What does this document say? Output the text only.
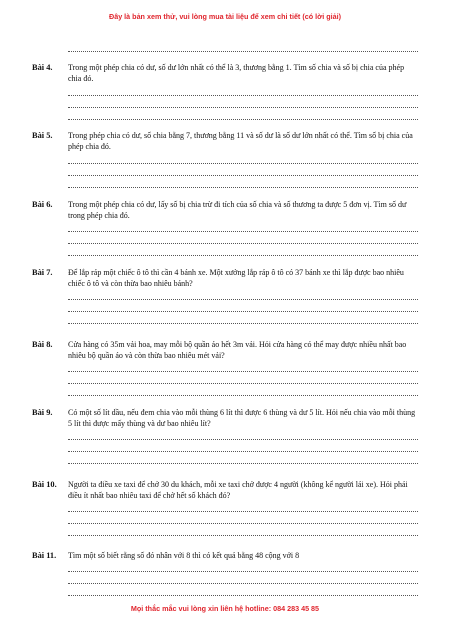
Đây là bản xem thử, vui lòng mua tài liệu để xem chi tiết (có lời giải)
Bài 4. Trong một phép chia có dư, số dư lớn nhất có thể là 3, thương bằng 1. Tìm số chia và số bị chia của phép chia đó.
Bài 5. Trong phép chia có dư, số chia bằng 7, thương bằng 11 và số dư là số dư lớn nhất có thể. Tìm số bị chia của phép chia đó.
Bài 6. Trong một phép chia có dư, lấy số bị chia trừ đi tích của số chia và số thương ta được 5 đơn vị. Tìm số dư trong phép chia đó.
Bài 7. Để lắp ráp một chiếc ô tô thì cần 4 bánh xe. Một xưởng lắp ráp ô tô có 37 bánh xe thì lắp được bao nhiêu chiếc ô tô và còn thừa bao nhiêu bánh?
Bài 8. Cửa hàng có 35m vải hoa, may mỗi bộ quần áo hết 3m vải. Hỏi cửa hàng có thể may được nhiều nhất bao nhiêu bộ quần áo và còn thừa bao nhiêu mét vải?
Bài 9. Có một số lít dầu, nếu đem chia vào mỗi thùng 6 lít thì được 6 thùng và dư 5 lít. Hỏi nếu chia vào mỗi thùng 5 lít thì được mấy thùng và dư bao nhiêu lít?
Bài 10. Người ta điều xe taxi để chở 30 du khách, mỗi xe taxi chở được 4 người (không kể người lái xe). Hỏi phải điều ít nhất bao nhiêu taxi để chở hết số khách đó?
Bài 11. Tìm một số biết rằng số đó nhân với 8 thì có kết quả bằng 48 cộng với 8
Mọi thắc mắc vui lòng xin liên hệ hotline: 084 283 45 85
